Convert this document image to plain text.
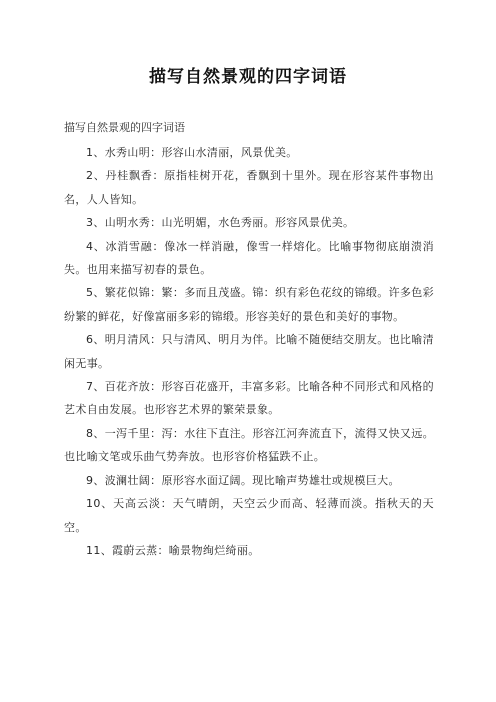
描写自然景观的四字词语
描写自然景观的四字词语

1、水秀山明：形容山水清丽，风景优美。

2、丹桂飘香：原指桂树开花，香飘到十里外。现在形容某件事物出名，人人皆知。

3、山明水秀：山光明媚，水色秀丽。形容风景优美。

4、冰消雪融：像冰一样消融，像雪一样熔化。比喻事物彻底崩溃消失。也用来描写初春的景色。

5、繁花似锦：繁：多而且茂盛。锦：织有彩色花纹的锦缎。许多色彩纷繁的鲜花，好像富丽多彩的锦缎。形容美好的景色和美好的事物。

6、明月清风：只与清风、明月为伴。比喻不随便结交朋友。也比喻清闲无事。

7、百花齐放：形容百花盛开，丰富多彩。比喻各种不同形式和风格的艺术自由发展。也形容艺术界的繁荣景象。

8、一泻千里：泻：水往下直注。形容江河奔流直下，流得又快又远。也比喻文笔或乐曲气势奔放。也形容价格猛跌不止。

9、波澜壮阔：原形容水面辽阔。现比喻声势雄壮或规模巨大。

10、天高云淡：天气晴朗，天空云少而高、轻薄而淡。指秋天的天空。

11、霞蔚云蒸：喻景物绚烂绮丽。
